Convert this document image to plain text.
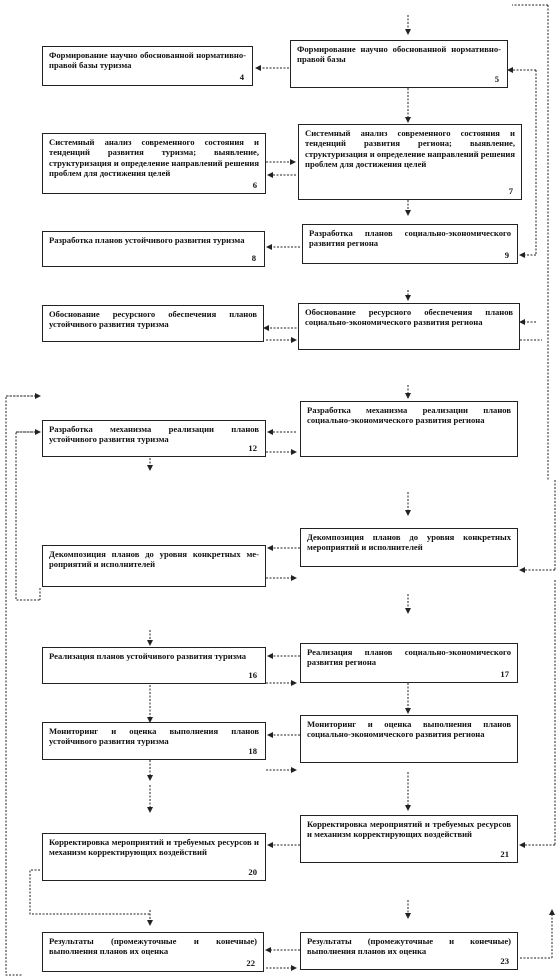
Формирование научно обоснованной нормативно-правой базы туризма
4
Системный анализ современного состояния и тенденций развития туризма; выявление, структуризация и определение направлений решения проблем для достижения целей
6
Разработка планов устойчивого развития туризма
8
Обоснование ресурсного обеспечения планов устойчивого развития туризма
Разработка механизма реализации планов устойчивого развития туризма
12
Декомпозиция планов до уровня конкретных ме-роприятий и исполнителей
Реализация планов устойчивого развития туризма
16
Мониторинг и оценка выполнения планов устойчивого развития туризма
18
Корректировка мероприятий и требуемых ресурсов и механизм корректирующих воздействий
20
Результаты (промежуточные и конечные) выполнения планов их оценка
22
Формирование научно обоснованной нормативно-правой базы
5
Системный анализ современного состояния и тенденций развития региона; выявление, структуризация и определение направлений решения проблем для достижения целей
7
Разработка планов социально-экономического развития региона
9
Обоснование ресурсного обеспечения планов социально-экономического развития региона
Разработка механизма реализации планов социально-экономического развития региона
Декомпозиция планов до уровня конкретных мероприятий и исполнителей
Реализация планов социально-экономического развития региона
17
Мониторинг и оценка выполнения планов социально-экономического развития региона
Корректировка мероприятий и требуемых ресурсов и механизм корректирующих воздействий
21
Результаты (промежуточные и конечные) выполнения планов их оценка
23
